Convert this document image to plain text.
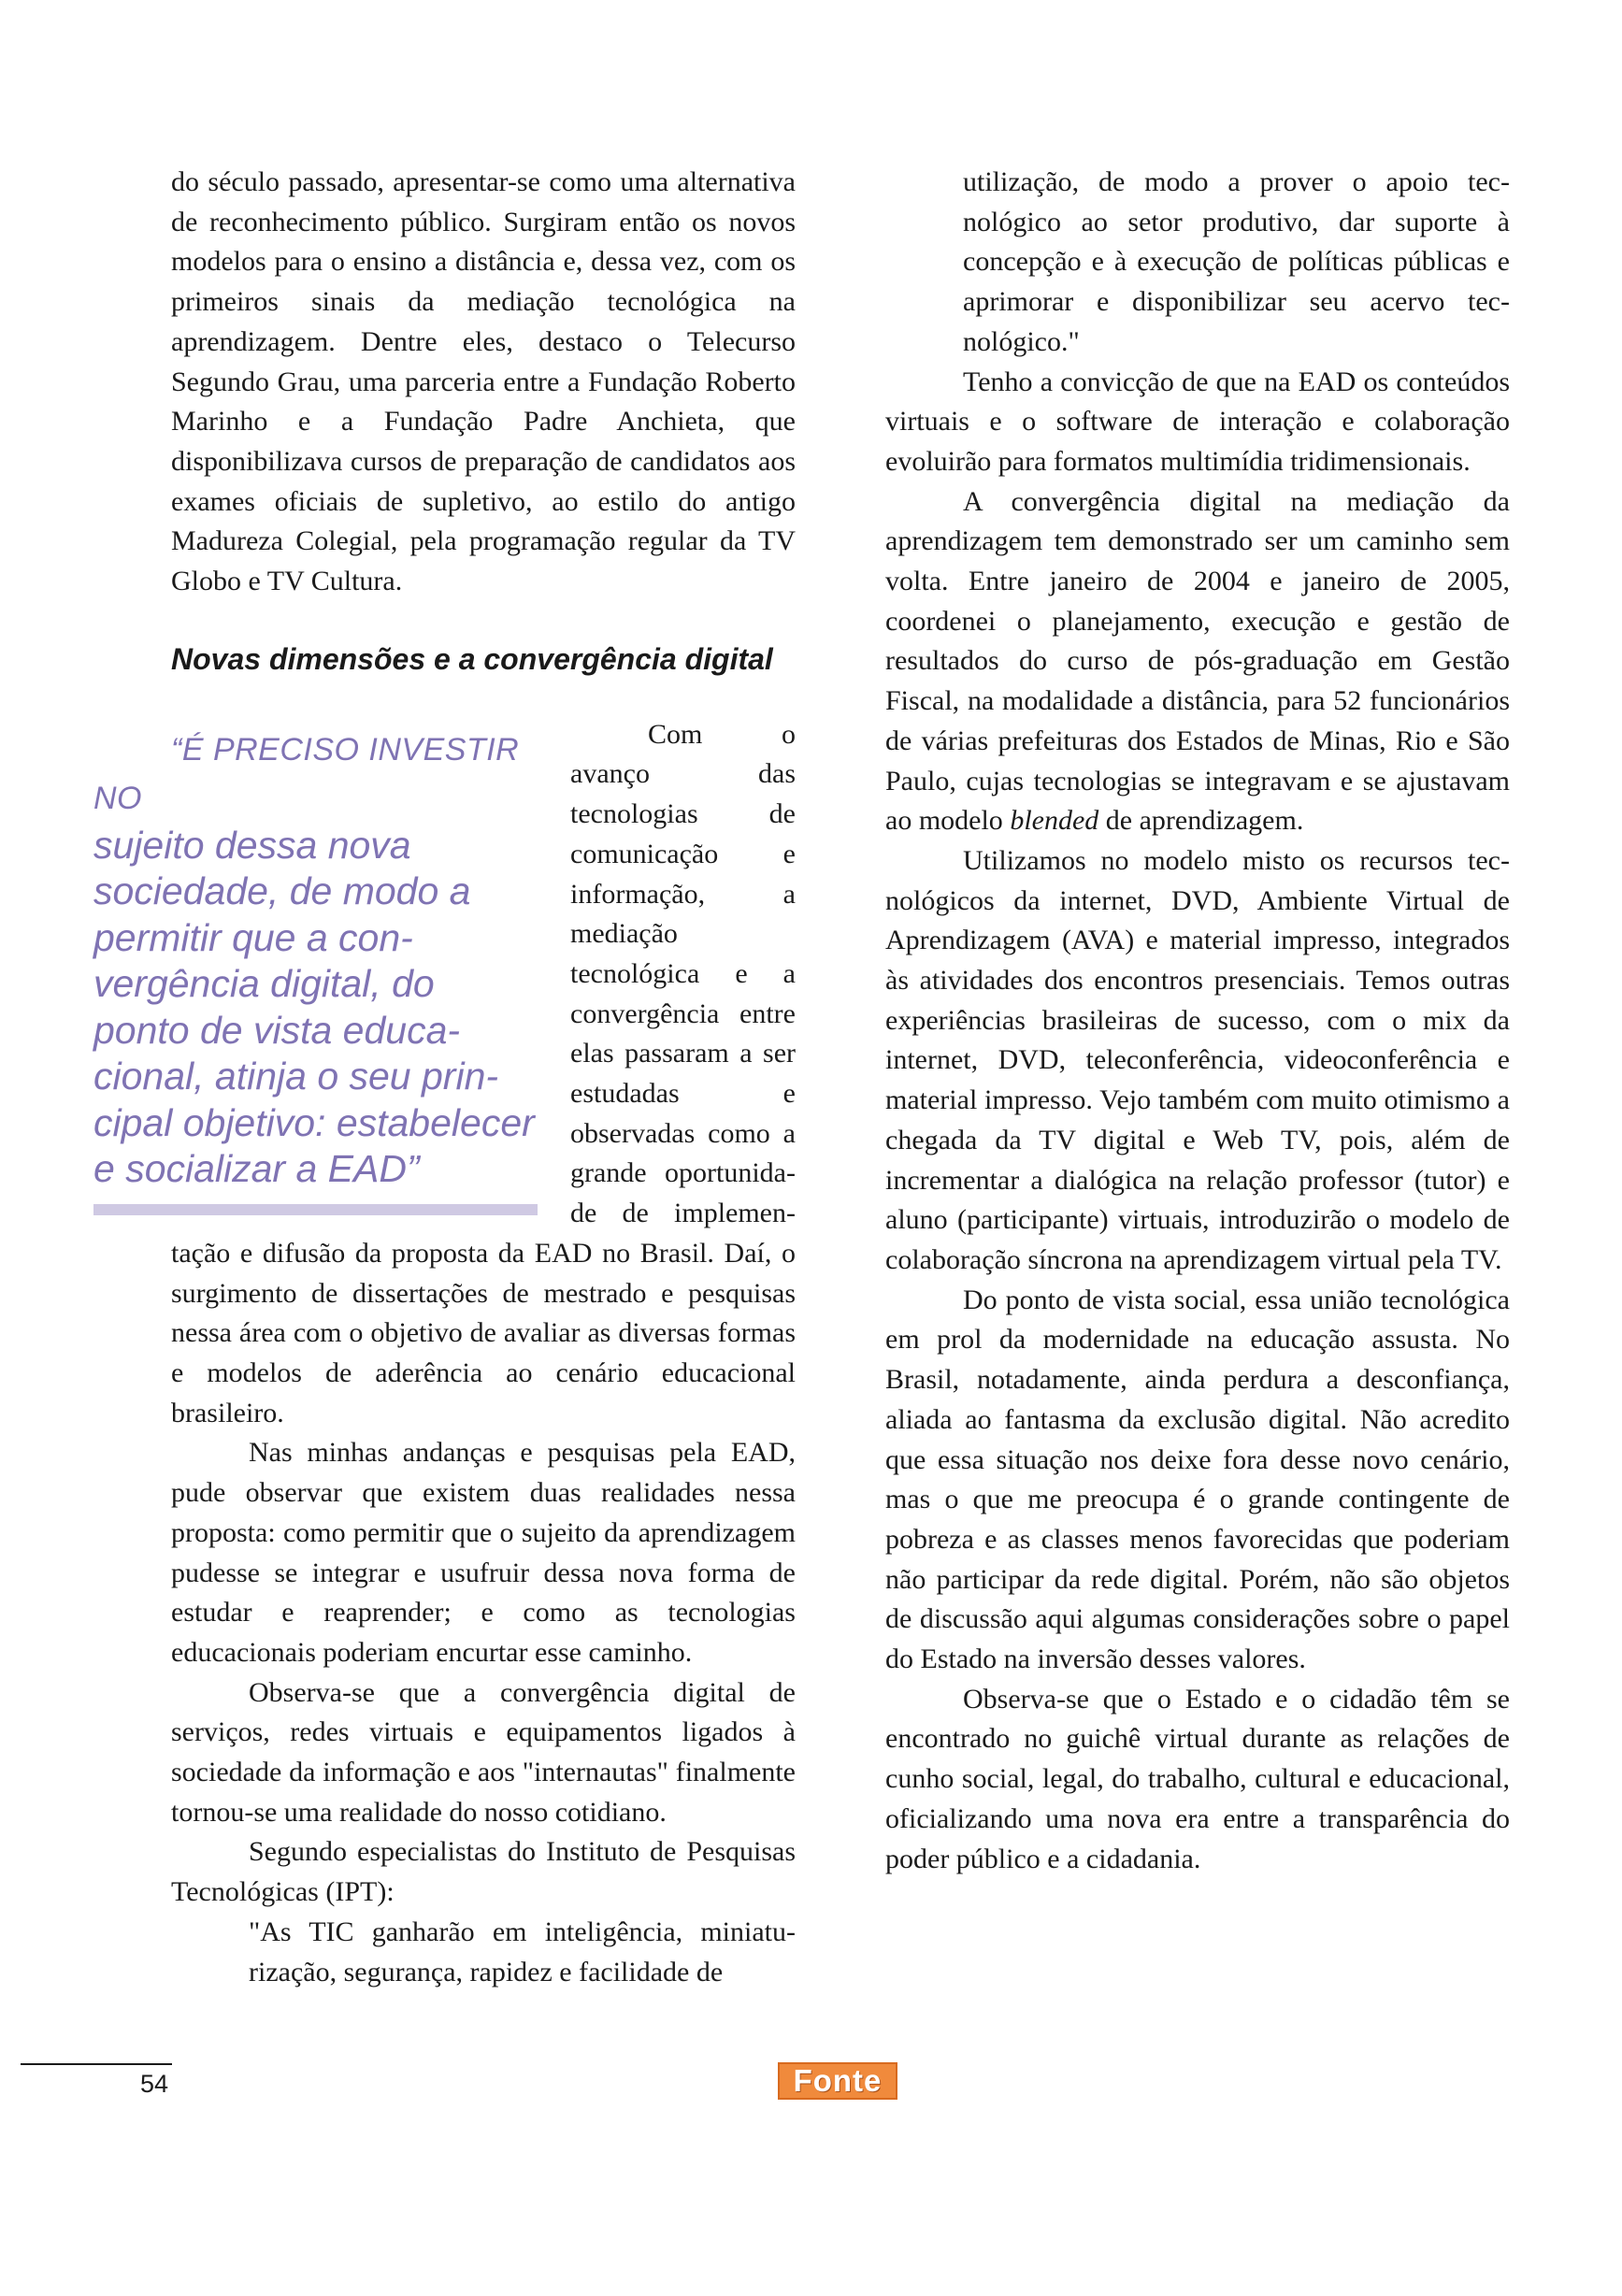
do século passado, apresentar-se como uma alternativa de reconhecimento público. Surgiram então os novos modelos para o ensino a distância e, dessa vez, com os primeiros sinais da mediação tecnológica na aprendizagem. Dentre eles, destaco o Telecurso Segundo Grau, uma parceria entre a Fundação Roberto Marinho e a Fundação Padre Anchieta, que disponibilizava cursos de preparação de candidatos aos exames oficiais de supletivo, ao estilo do antigo Madureza Colegial, pela programação regular da TV Globo e TV Cultura.

Novas dimensões e a convergência digital

“É PRECISO INVESTIR NO
sujeito dessa nova sociedade, de modo a permitir que a convergência digital, do ponto de vista educacional, atinja o seu principal objetivo: estabelecer e socializar a EAD”
Com o avanço das tecnologias de comunicação e informação, a mediação tecnológica e a convergência entre elas passaram a ser estudadas e observadas como a grande oportunidade de implementação e difusão da proposta da EAD no Brasil. Daí, o surgimento de dissertações de mestrado e pesquisas nessa área com o objetivo de avaliar as diversas formas e modelos de aderência ao cenário educacional brasileiro.

Nas minhas andanças e pesquisas pela EAD, pude observar que existem duas realidades nessa proposta: como permitir que o sujeito da aprendizagem pudesse se integrar e usufruir dessa nova forma de estudar e reaprender; e como as tecnologias educacionais poderiam encurtar esse caminho.

Observa-se que a convergência digital de serviços, redes virtuais e equipamentos ligados à sociedade da informação e aos "internautas" finalmente tornou-se uma realidade do nosso cotidiano.

Segundo especialistas do Instituto de Pesquisas Tecnológicas (IPT):

"As TIC ganharão em inteligência, miniaturização, segurança, rapidez e facilidade de

utilização, de modo a prover o apoio tecnológico ao setor produtivo, dar suporte à concepção e à execução de políticas públicas e aprimorar e disponibilizar seu acervo tecnológico."

Tenho a convicção de que na EAD os conteúdos virtuais e o software de interação e colaboração evoluirão para formatos multimídia tridimensionais.

A convergência digital na mediação da aprendizagem tem demonstrado ser um caminho sem volta. Entre janeiro de 2004 e janeiro de 2005, coordenei o planejamento, execução e gestão de resultados do curso de pós-graduação em Gestão Fiscal, na modalidade a distância, para 52 funcionários de várias prefeituras dos Estados de Minas, Rio e São Paulo, cujas tecnologias se integravam e se ajustavam ao modelo blended de aprendizagem.

Utilizamos no modelo misto os recursos tecnológicos da internet, DVD, Ambiente Virtual de Aprendizagem (AVA) e material impresso, integrados às atividades dos encontros presenciais. Temos outras experiências brasileiras de sucesso, com o mix da internet, DVD, teleconferência, videoconferência e material impresso. Vejo também com muito otimismo a chegada da TV digital e Web TV, pois, além de incrementar a dialógica na relação professor (tutor) e aluno (participante) virtuais, introduzirão o modelo de colaboração síncrona na aprendizagem virtual pela TV.

Do ponto de vista social, essa união tecnológica em prol da modernidade na educação assusta. No Brasil, notadamente, ainda perdura a desconfiança, aliada ao fantasma da exclusão digital. Não acredito que essa situação nos deixe fora desse novo cenário, mas o que me preocupa é o grande contingente de pobreza e as classes menos favorecidas que poderiam não participar da rede digital. Porém, não são objetos de discussão aqui algumas considerações sobre o papel do Estado na inversão desses valores.

Observa-se que o Estado e o cidadão têm se encontrado no guichê virtual durante as relações de cunho social, legal, do trabalho, cultural e educacional, oficializando uma nova era entre a transparência do poder público e a cidadania.

54	Fonte
